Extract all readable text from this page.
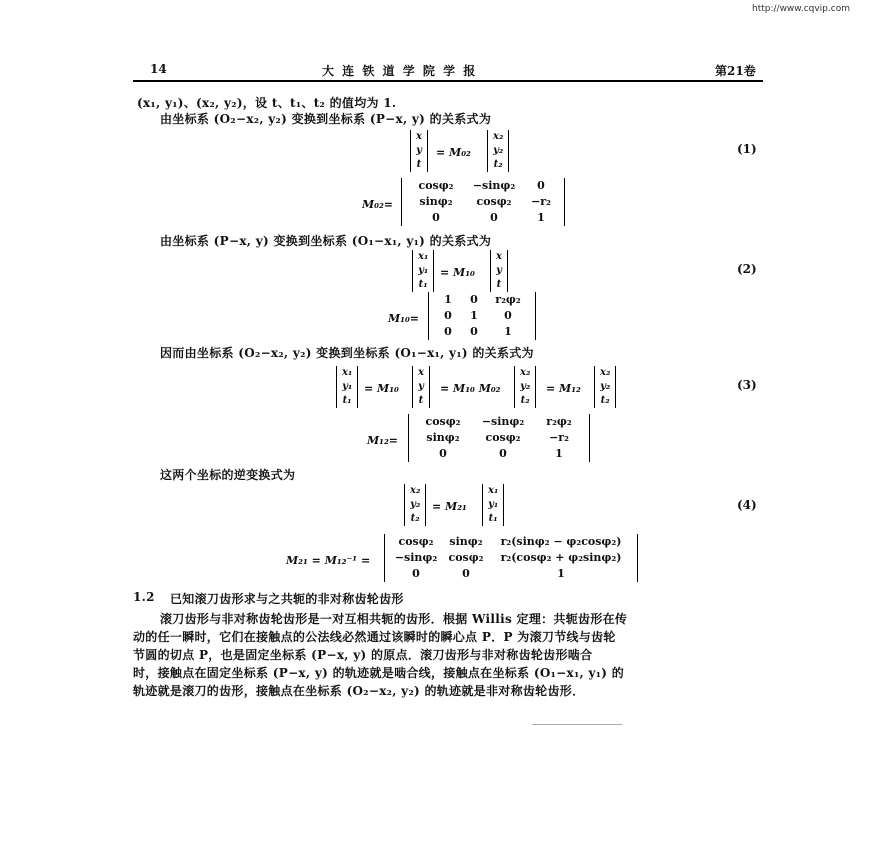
http://www.cqvip.com
14	大 连 铁 道 学 院 学 报	第21卷
(x₁, y₁)、(x₂, y₂)，设 t、t₁、t₂ 的值均为 1.
由坐标系 (O₂−x₂, y₂) 变换到坐标系 (P−x, y) 的关系式为
x
y
t
= M₀₂
x₂
y₂
t₂
(1)
M₀₂=
cosφ₂	−sinφ₂	0
sinφ₂	cosφ₂	−r₂
0	0	1
由坐标系 (P−x, y) 变换到坐标系 (O₁−x₁, y₁) 的关系式为
x₁
y₁
t₁
= M₁₀
x
y
t
(2)
M₁₀=
1	0	r₂φ₂
0	1	0
0	0	1
因而由坐标系 (O₂−x₂, y₂) 变换到坐标系 (O₁−x₁, y₁) 的关系式为
x₁
y₁
t₁
= M₁₀
x
y
t
= M₁₀ M₀₂
x₂
y₂
t₂
= M₁₂
x₂
y₂
t₂
(3)
M₁₂=
cosφ₂	−sinφ₂	r₂φ₂
sinφ₂	cosφ₂	−r₂
0	0	1
这两个坐标的逆变换式为
x₂
y₂
t₂
= M₂₁
x₁
y₁
t₁
(4)
M₂₁ = M₁₂⁻¹ =
cosφ₂	sinφ₂	r₂(sinφ₂ − φ₂cosφ₂)
−sinφ₂	cosφ₂	r₂(cosφ₂ + φ₂sinφ₂)
0	0	1
1.2 已知滚刀齿形求与之共轭的非对称齿轮齿形
滚刀齿形与非对称齿轮齿形是一对互相共轭的齿形．根据 Willis 定理：共轭齿形在传
动的任一瞬时，它们在接触点的公法线必然通过该瞬时的瞬心点 P．P 为滚刀节线与齿轮
节圆的切点 P，也是固定坐标系 (P−x, y) 的原点．滚刀齿形与非对称齿轮齿形啮合
时，接触点在固定坐标系 (P−x, y) 的轨迹就是啮合线，接触点在坐标系 (O₁−x₁, y₁) 的
轨迹就是滚刀的齿形，接触点在坐标系 (O₂−x₂, y₂) 的轨迹就是非对称齿轮齿形．
